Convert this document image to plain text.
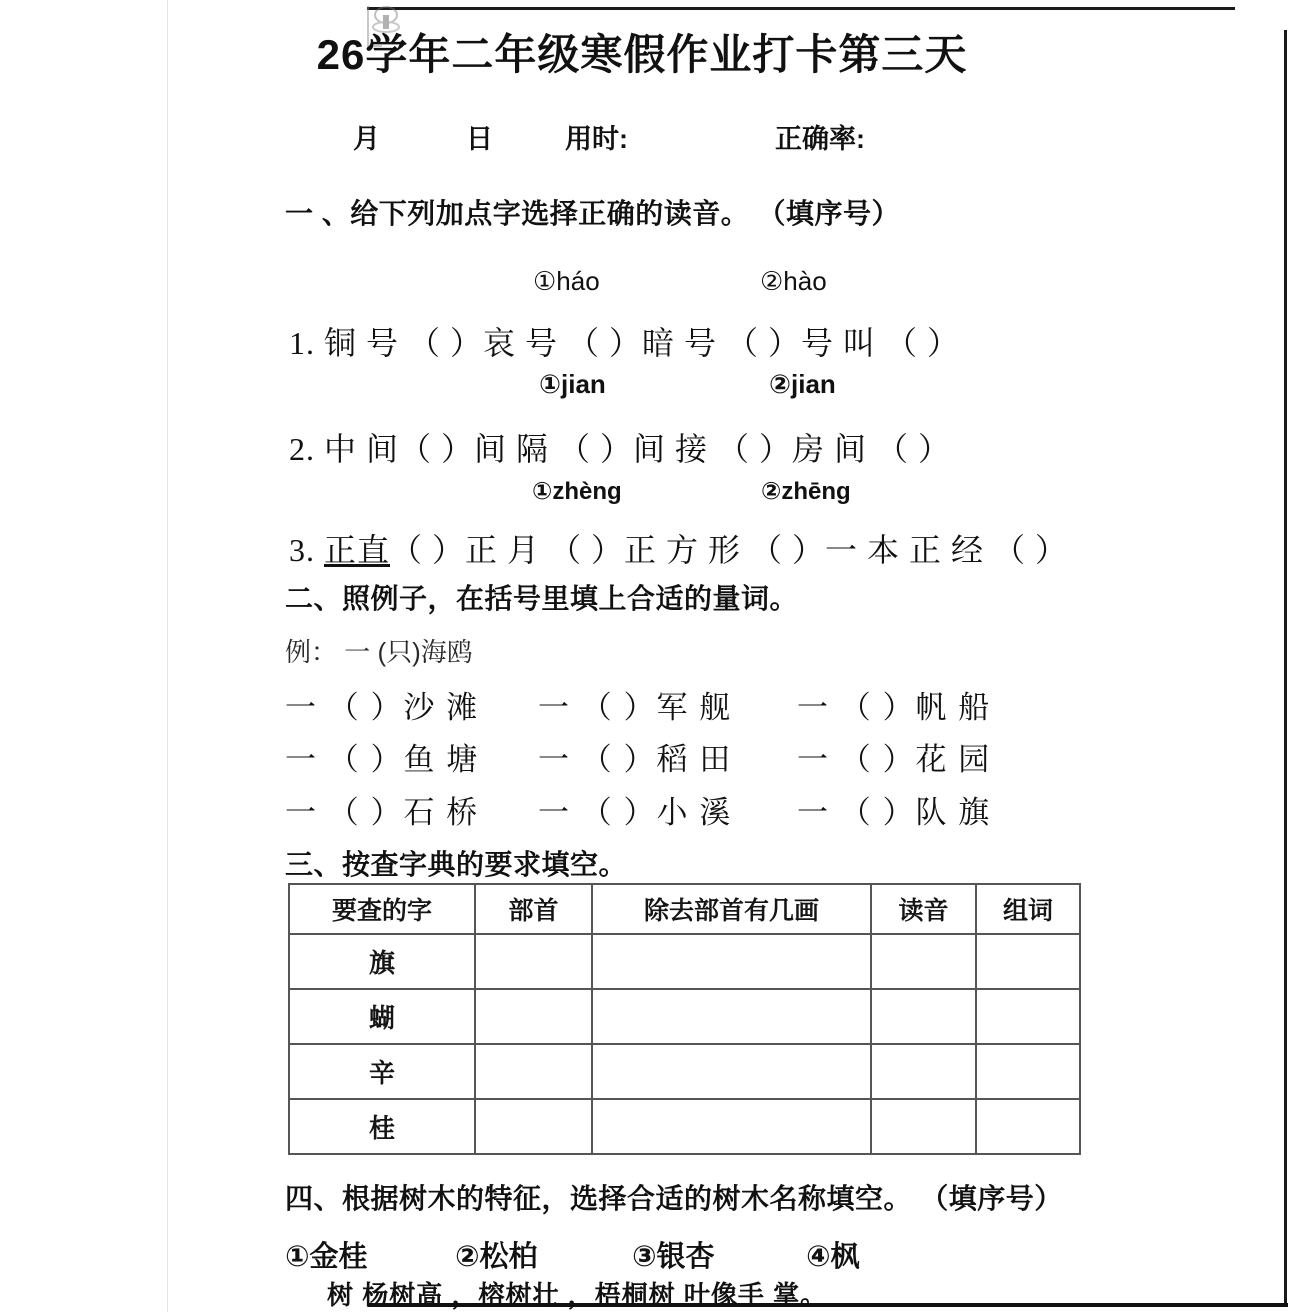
26学年二年级寒假作业打卡第三天
月	日	用时:	正确率:
一 、给下列加点字选择正确的读音。 （填序号）
①háo	②hào
1. 铜 号 （ ）哀 号 （ ）暗 号 （ ）号 叫 （ ）
①jian	②jian
2. 中 间（ ）间 隔 （ ）间 接 （ ）房 间 （ ）
①zhèng	②zhēng
3. 正直（ ）正 月 （ ）正 方 形 （ ）一 本 正 经 （ ）
二、照例子，在括号里填上合适的量词。
例： 一 (只)海鸥
一 （ ）沙 滩 一 （ ）军 舰 一 （ ）帆 船
一 （ ）鱼 塘 一 （ ）稻 田 一 （ ）花 园
一 （ ）石 桥 一 （ ）小 溪 一 （ ）队 旗
三、按查字典的要求填空。
要查的字	部首	除去部首有几画	读音	组词
旗				
蝴				
辛				
桂				
四、根据树木的特征，选择合适的树木名称填空。 （填序号）
①金桂	②松柏	③银杏	④枫
树 杨树高 ，榕树壮 ，梧桐树 叶像手 掌。
